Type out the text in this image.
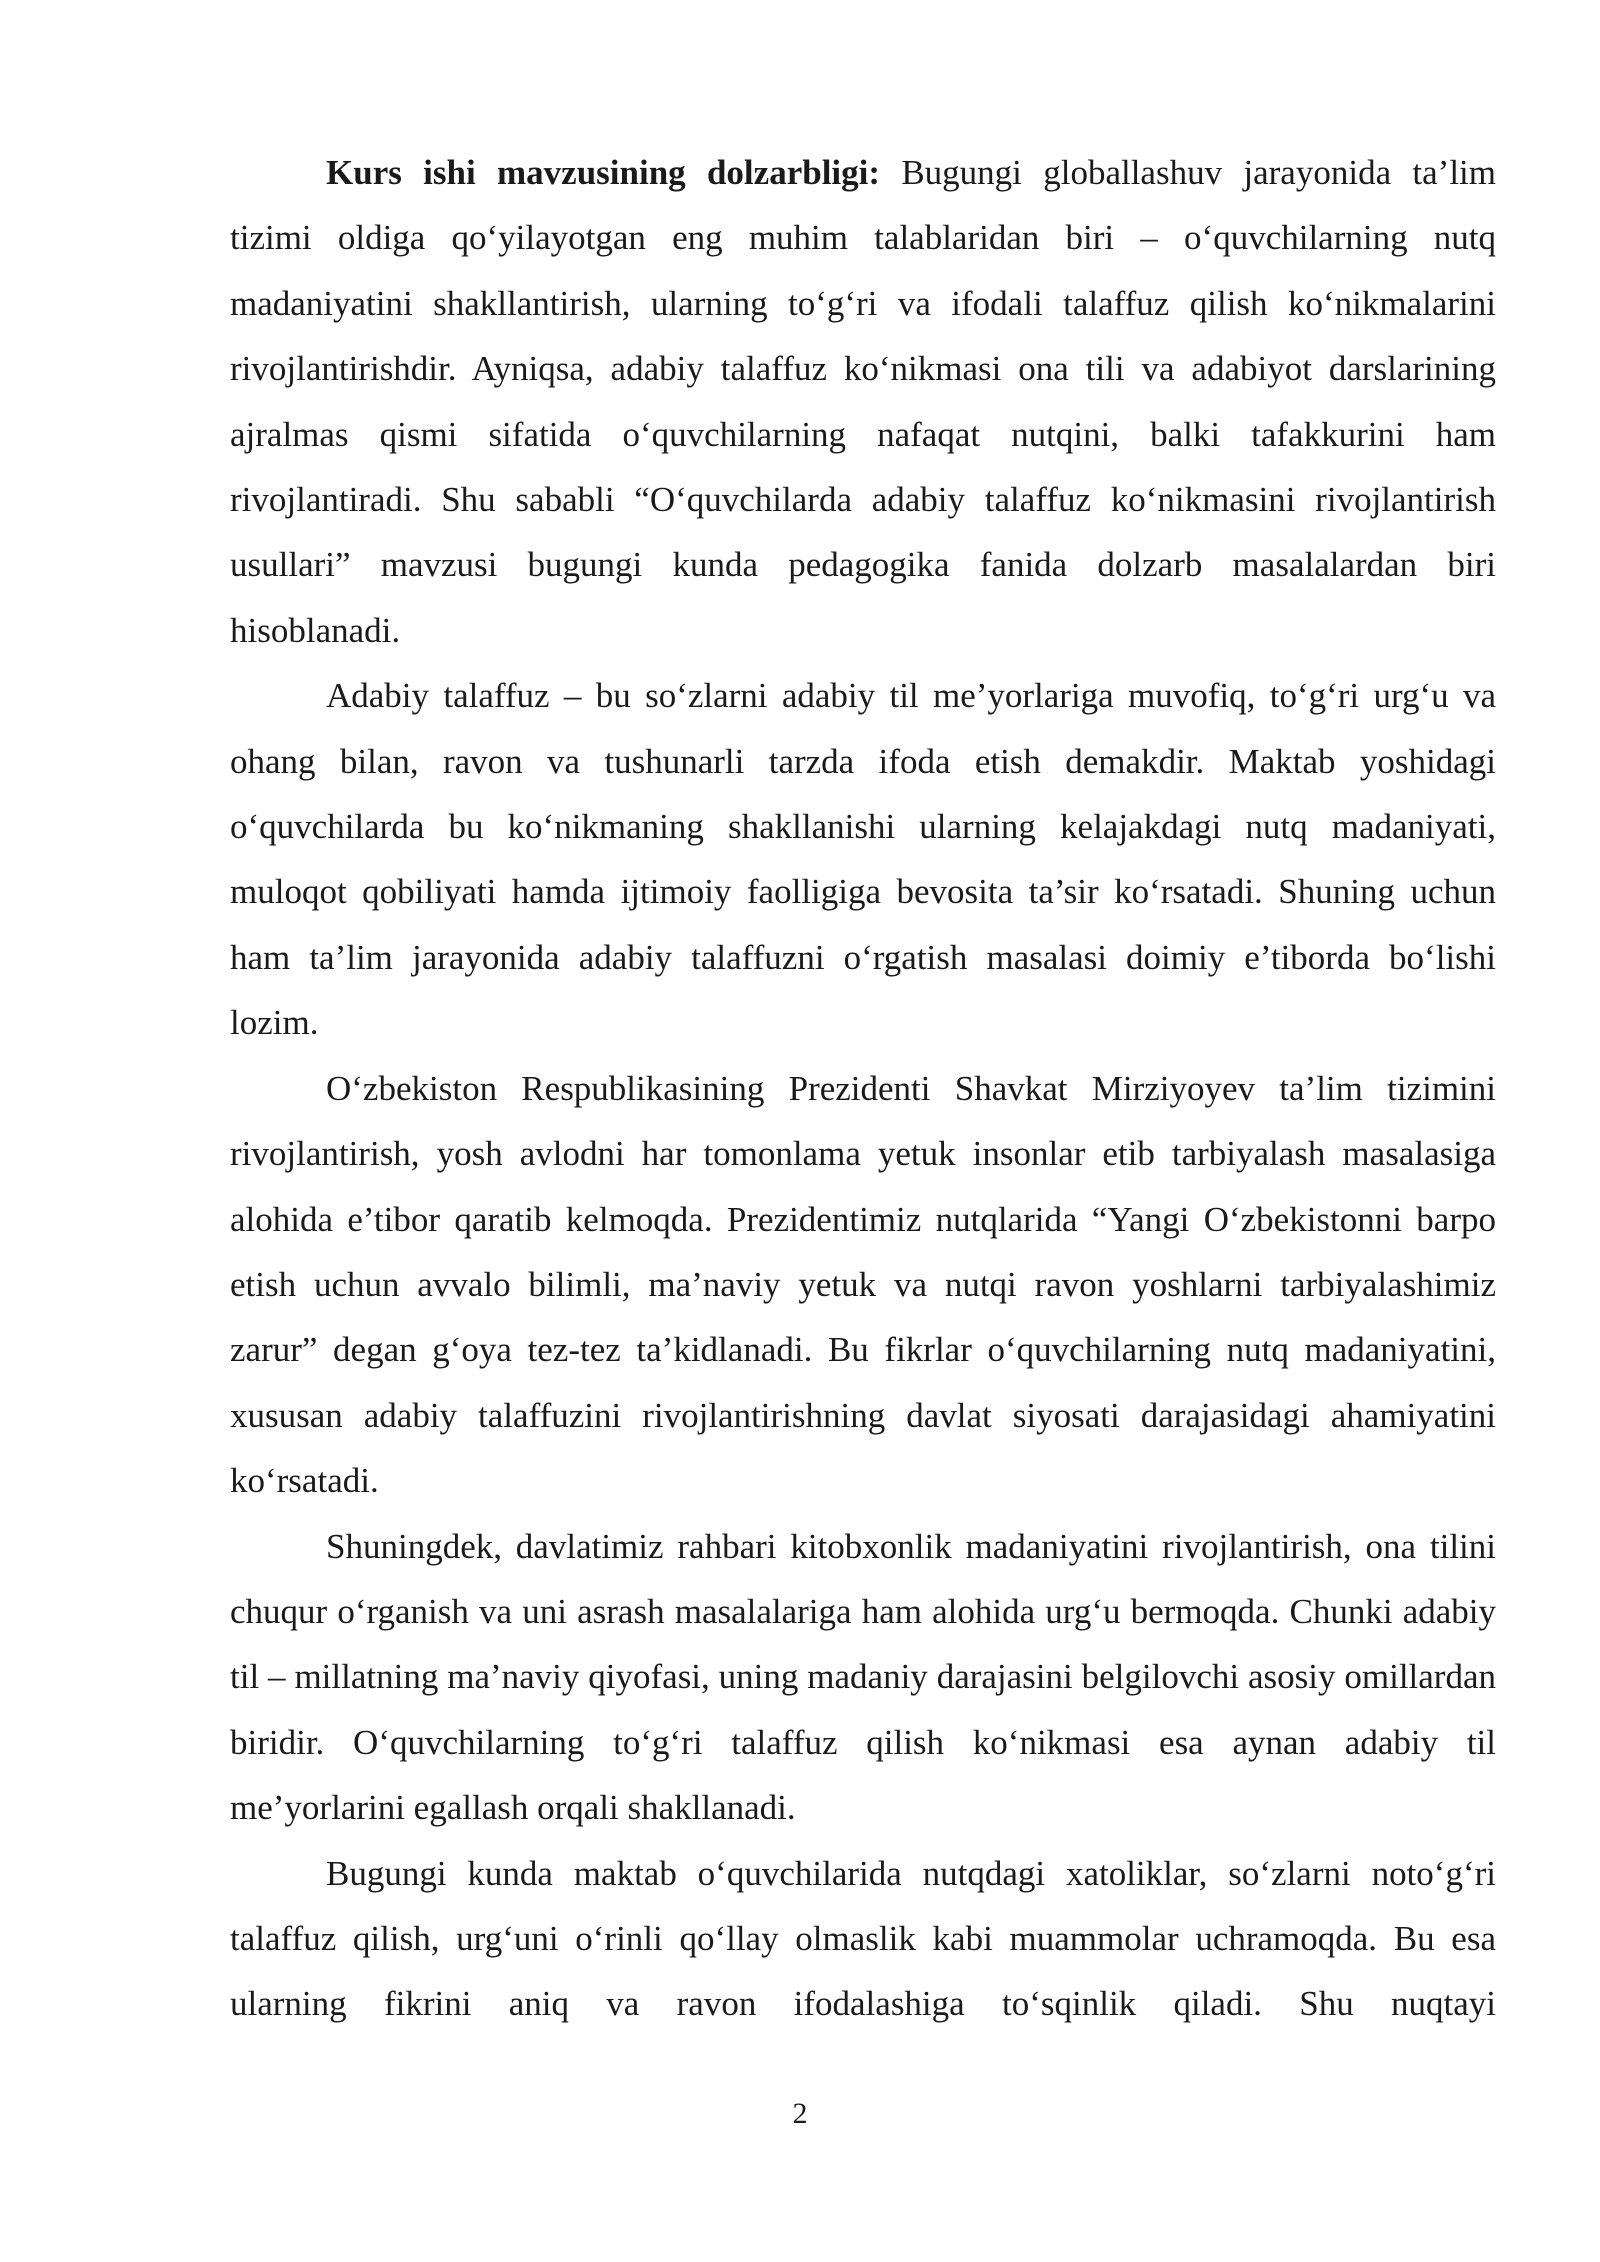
Kurs ishi mavzusining dolzarbligi: Bugungi globallashuv jarayonida ta’lim tizimi oldiga qo‘yilayotgan eng muhim talablaridan biri – o‘quvchilarning nutq madaniyatini shakllantirish, ularning to‘g‘ri va ifodali talaffuz qilish ko‘nikmalarini rivojlantirishdir. Ayniqsa, adabiy talaffuz ko‘nikmasi ona tili va adabiyot darslarining ajralmas qismi sifatida o‘quvchilarning nafaqat nutqini, balki tafakkurini ham rivojlantiradi. Shu sababli “O‘quvchilarda adabiy talaffuz ko‘nikmasini rivojlantirish usullari” mavzusi bugungi kunda pedagogika fanida dolzarb masalalardan biri hisoblanadi.

Adabiy talaffuz – bu so‘zlarni adabiy til me’yorlariga muvofiq, to‘g‘ri urg‘u va ohang bilan, ravon va tushunarli tarzda ifoda etish demakdir. Maktab yoshidagi o‘quvchilarda bu ko‘nikmaning shakllanishi ularning kelajakdagi nutq madaniyati, muloqot qobiliyati hamda ijtimoiy faolligiga bevosita ta’sir ko‘rsatadi. Shuning uchun ham ta’lim jarayonida adabiy talaffuzni o‘rgatish masalasi doimiy e’tiborda bo‘lishi lozim.

O‘zbekiston Respublikasining Prezidenti Shavkat Mirziyoyev ta’lim tizimini rivojlantirish, yosh avlodni har tomonlama yetuk insonlar etib tarbiyalash masalasiga alohida e’tibor qaratib kelmoqda. Prezidentimiz nutqlarida “Yangi O‘zbekistonni barpo etish uchun avvalo bilimli, ma’naviy yetuk va nutqi ravon yoshlarni tarbiyalashimiz zarur” degan g‘oya tez-tez ta’kidlanadi. Bu fikrlar o‘quvchilarning nutq madaniyatini, xususan adabiy talaffuzini rivojlantirishning davlat siyosati darajasidagi ahamiyatini ko‘rsatadi.

Shuningdek, davlatimiz rahbari kitobxonlik madaniyatini rivojlantirish, ona tilini chuqur o‘rganish va uni asrash masalalariga ham alohida urg‘u bermoqda. Chunki adabiy til – millatning ma’naviy qiyofasi, uning madaniy darajasini belgilovchi asosiy omillardan biridir. O‘quvchilarning to‘g‘ri talaffuz qilish ko‘nikmasi esa aynan adabiy til me’yorlarini egallash orqali shakllanadi.

Bugungi kunda maktab o‘quvchilarida nutqdagi xatoliklar, so‘zlarni noto‘g‘ri talaffuz qilish, urg‘uni o‘rinli qo‘llay olmaslik kabi muammolar uchramoqda. Bu esa ularning fikrini aniq va ravon ifodalashiga to‘sqinlik qiladi. Shu nuqtayi

2
